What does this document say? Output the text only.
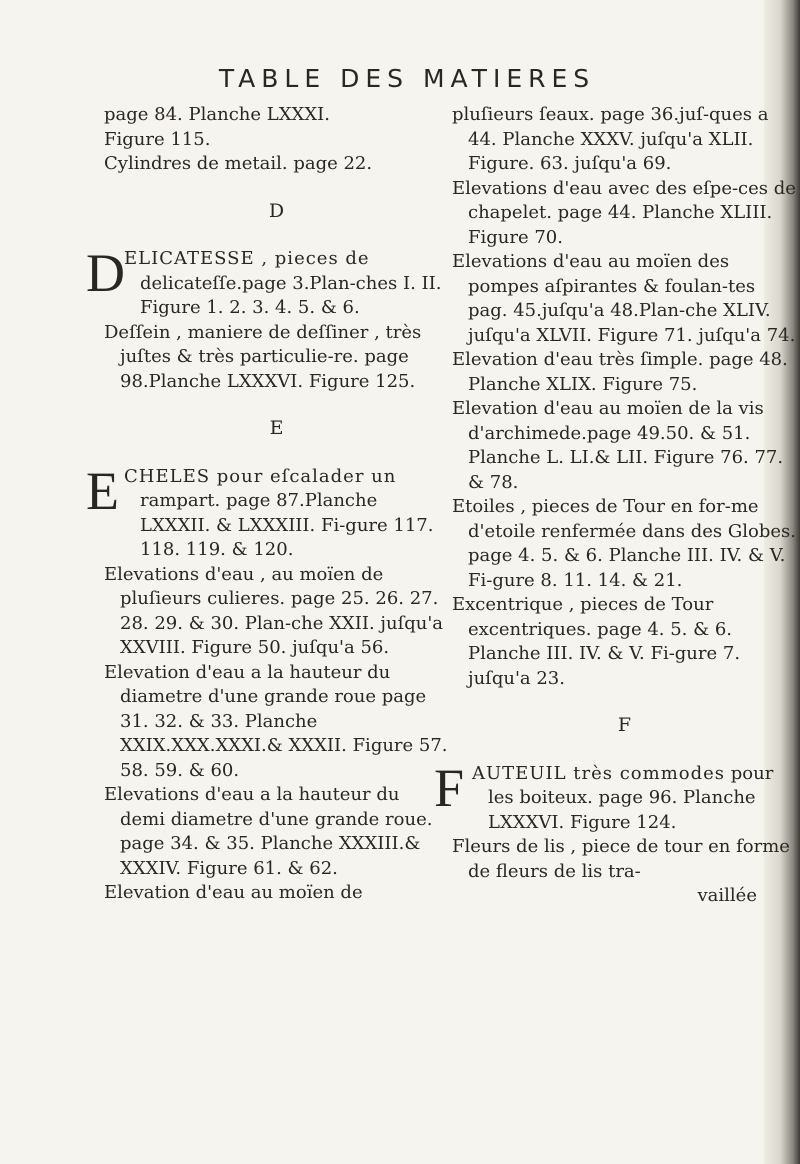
TABLE DES MATIERES

page 84. Planche LXXXI.

Figure 115.

Cylindres de metail. page 22.

D

D ELICATESSE , pieces de delicateſſe.page 3.Plan-ches I. II. Figure 1. 2. 3. 4. 5. & 6.

Deſſein , maniere de deſſiner , très juſtes & très particulie-re. page 98.Planche LXXXVI. Figure 125.

E

E CHELES pour eſcalader un rampart. page 87.Planche LXXXII. & LXXXIII. Fi-gure 117. 118. 119. & 120.

Elevations d'eau , au moïen de pluſieurs culieres. page 25. 26. 27. 28. 29. & 30. Plan-che XXII. juſqu'a XXVIII. Figure 50. juſqu'a 56.

Elevation d'eau a la hauteur du diametre d'une grande roue page 31. 32. & 33. Planche XXIX.XXX.XXXI.& XXXII. Figure 57. 58. 59. & 60.

Elevations d'eau a la hauteur du demi diametre d'une grande roue. page 34. & 35. Planche XXXIII.& XXXIV. Figure 61. & 62.

Elevation d'eau au moïen de

pluſieurs ſeaux. page 36.juſ-ques a 44. Planche XXXV. juſqu'a XLII. Figure. 63. juſqu'a 69.

Elevations d'eau avec des eſpe-ces de chapelet. page 44. Planche XLIII. Figure 70.

Elevations d'eau au moïen des pompes aſpirantes & foulan-tes pag. 45.juſqu'a 48.Plan-che XLIV. juſqu'a XLVII. Figure 71. juſqu'a 74.

Elevation d'eau très ſimple. page 48. Planche XLIX. Figure 75.

Elevation d'eau au moïen de la vis d'archimede.page 49.50. & 51. Planche L. LI.& LII. Figure 76. 77. & 78.

Etoiles , pieces de Tour en for-me d'etoile renfermée dans des Globes. page 4. 5. & 6. Planche III. IV. & V. Fi-gure 8. 11. 14. & 21.

Excentrique , pieces de Tour excentriques. page 4. 5. & 6. Planche III. IV. & V. Fi-gure 7. juſqu'a 23.

F

F AUTEUIL très commodes pour les boiteux. page 96. Planche LXXXVI. Figure 124.

Fleurs de lis , piece de tour en forme de fleurs de lis tra-

vaillée
